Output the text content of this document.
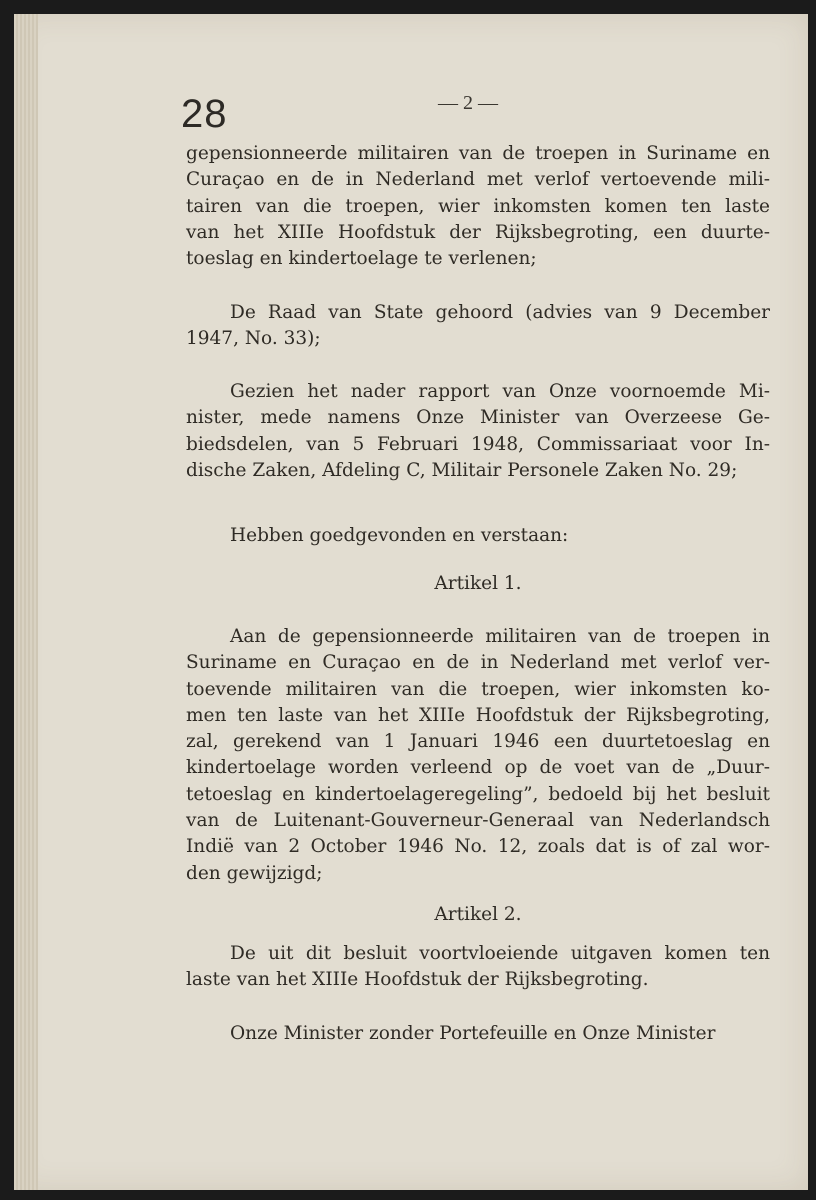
28	— 2 —

gepensionneerde militairen van de troepen in Suriname en
Curaçao en de in Nederland met verlof vertoevende mili-
tairen van die troepen, wier inkomsten komen ten laste
van het XIIIe Hoofdstuk der Rijksbegroting, een duurte-
toeslag en kindertoelage te verlenen;

De Raad van State gehoord (advies van 9 December
1947, No. 33);

Gezien het nader rapport van Onze voornoemde Mi-
nister, mede namens Onze Minister van Overzeese Ge-
biedsdelen, van 5 Februari 1948, Commissariaat voor In-
dische Zaken, Afdeling C, Militair Personele Zaken No. 29;

Hebben goedgevonden en verstaan:

Artikel 1.

Aan de gepensionneerde militairen van de troepen in
Suriname en Curaçao en de in Nederland met verlof ver-
toevende militairen van die troepen, wier inkomsten ko-
men ten laste van het XIIIe Hoofdstuk der Rijksbegroting,
zal, gerekend van 1 Januari 1946 een duurtetoeslag en
kindertoelage worden verleend op de voet van de „Duur-
tetoeslag en kindertoelageregeling”, bedoeld bij het besluit
van de Luitenant-Gouverneur-Generaal van Nederlandsch
Indië van 2 October 1946 No. 12, zoals dat is of zal wor-
den gewijzigd;

Artikel 2.

De uit dit besluit voortvloeiende uitgaven komen ten
laste van het XIIIe Hoofdstuk der Rijksbegroting.

Onze Minister zonder Portefeuille en Onze Minister
